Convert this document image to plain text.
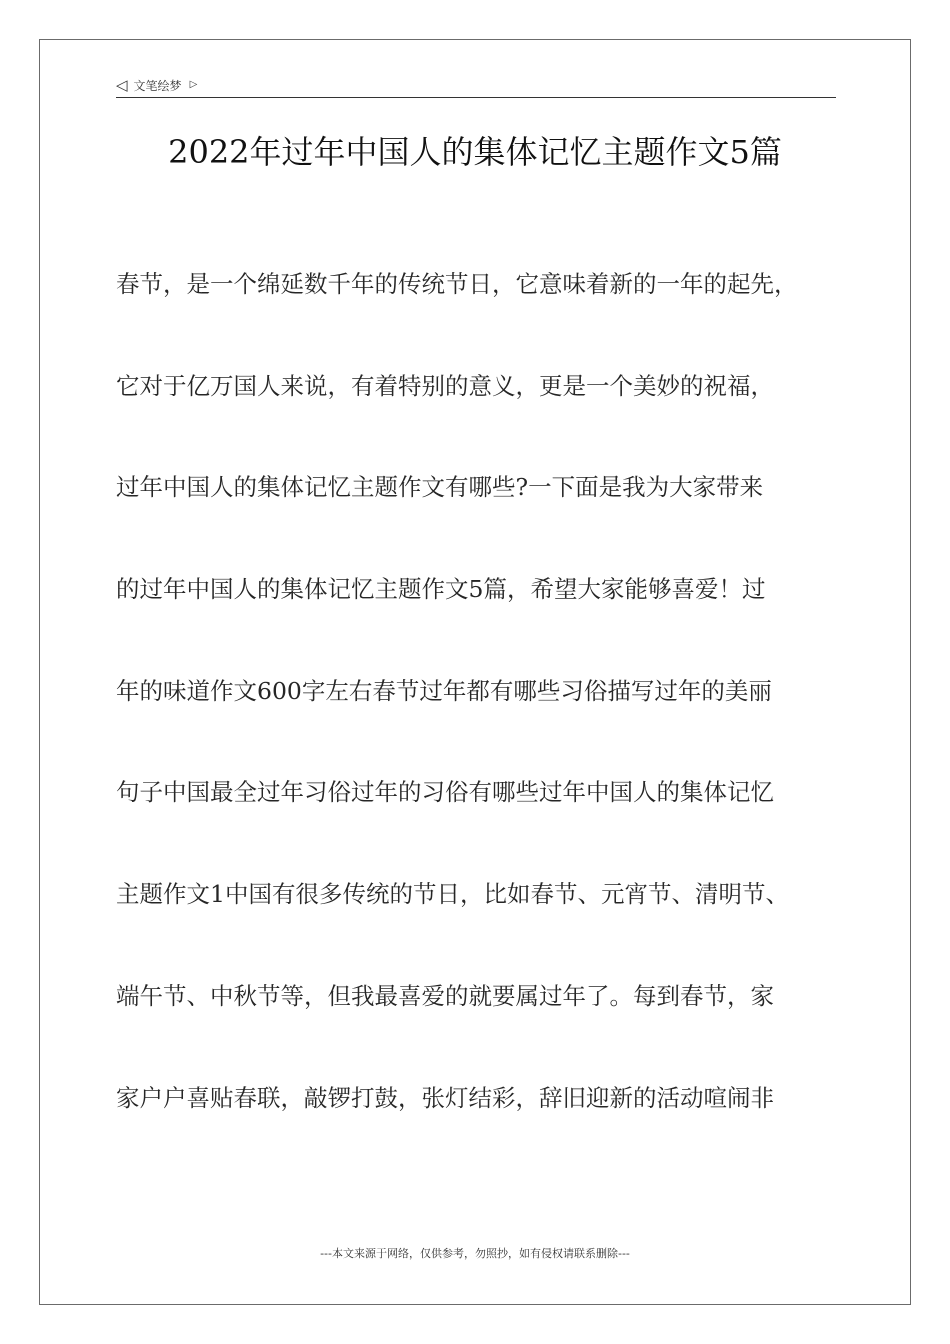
◁ 文笔绘梦 ▷
2022年过年中国人的集体记忆主题作文5篇
春节，是一个绵延数千年的传统节日，它意味着新的一年的起先，
它对于亿万国人来说，有着特别的意义，更是一个美妙的祝福，
过年中国人的集体记忆主题作文有哪些?一下面是我为大家带来
的过年中国人的集体记忆主题作文5篇，希望大家能够喜爱！过
年的味道作文600字左右春节过年都有哪些习俗描写过年的美丽
句子中国最全过年习俗过年的习俗有哪些过年中国人的集体记忆
主题作文1中国有很多传统的节日，比如春节、元宵节、清明节、
端午节、中秋节等，但我最喜爱的就要属过年了。每到春节，家
家户户喜贴春联，敲锣打鼓，张灯结彩，辞旧迎新的活动喧闹非
---本文来源于网络，仅供参考，勿照抄，如有侵权请联系删除---
